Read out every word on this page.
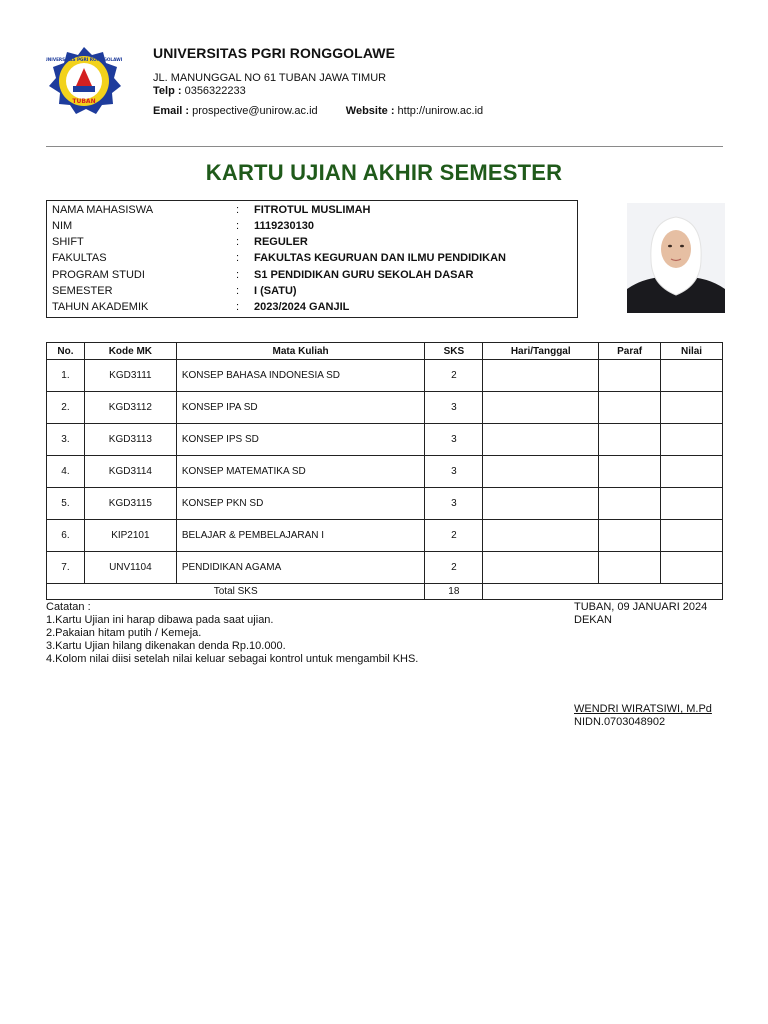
UNIVERSITAS PGRI RONGGOLAWE
TUBAN
UNIVERSITAS PGRI RONGGOLAWE
JL. MANUNGGAL NO 61 TUBAN JAWA TIMUR
Telp : 0356322233
Email : prospective@unirow.ac.id	Website : http://unirow.ac.id
KARTU UJIAN AKHIR SEMESTER
NAMA MAHASISWA	: FITROTUL MUSLIMAH
NIM	: 1119230130
SHIFT	: REGULER
FAKULTAS	: FAKULTAS KEGURUAN DAN ILMU PENDIDIKAN
PROGRAM STUDI	: S1 PENDIDIKAN GURU SEKOLAH DASAR
SEMESTER	: I (SATU)
TAHUN AKADEMIK	: 2023/2024 GANJIL
No.	Kode MK	Mata Kuliah	SKS	Hari/Tanggal	Paraf	Nilai
1.	KGD3111	KONSEP BAHASA INDONESIA SD	2			
2.	KGD3112	KONSEP IPA SD	3			
3.	KGD3113	KONSEP IPS SD	3			
4.	KGD3114	KONSEP MATEMATIKA SD	3			
5.	KGD3115	KONSEP PKN SD	3			
6.	KIP2101	BELAJAR & PEMBELAJARAN I	2			
7.	UNV1104	PENDIDIKAN AGAMA	2			
Total SKS			18			
Catatan :
1.Kartu Ujian ini harap dibawa pada saat ujian.
2.Pakaian hitam putih / Kemeja.
3.Kartu Ujian hilang dikenakan denda Rp.10.000.
4.Kolom nilai diisi setelah nilai keluar sebagai kontrol untuk mengambil KHS.
TUBAN, 09 JANUARI 2024
DEKAN
WENDRI WIRATSIWI, M.Pd
NIDN.0703048902
